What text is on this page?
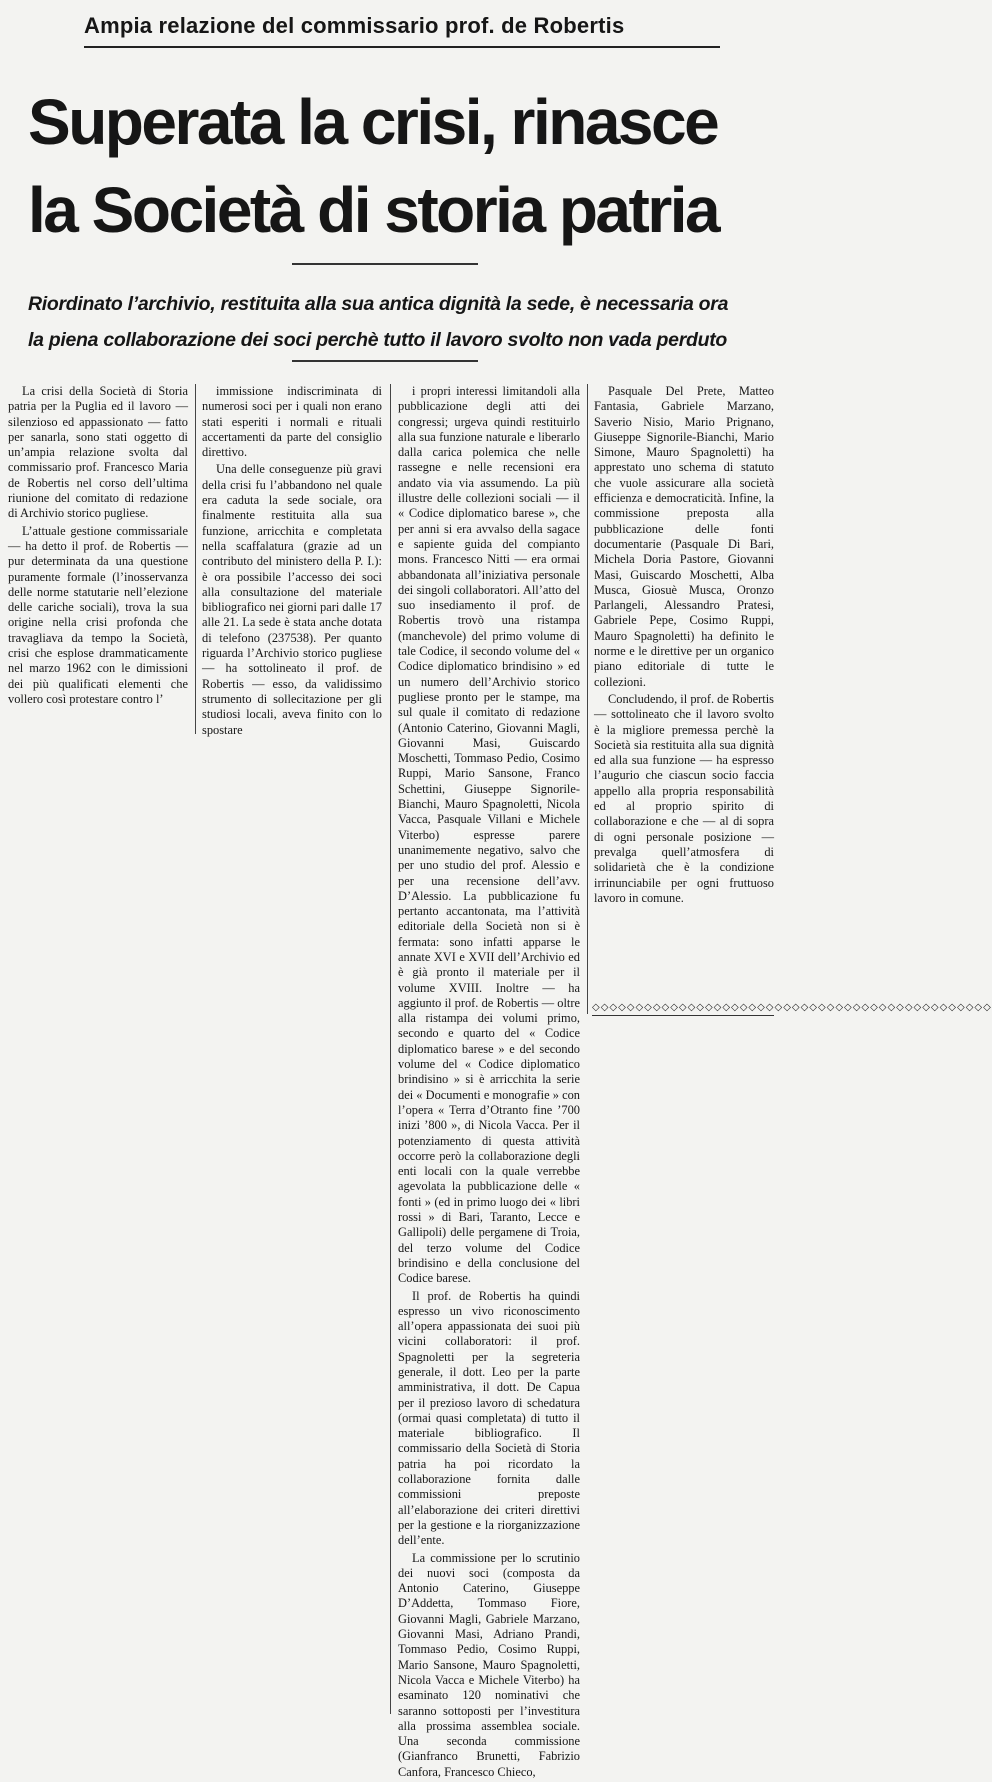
Ampia relazione del commissario prof. de Robertis
Superata la crisi, rinasce
la Società di storia patria
Riordinato l’archivio, restituita alla sua antica dignità la sede, è necessaria ora
la piena collaborazione dei soci perchè tutto il lavoro svolto non vada perduto

La crisi della Società di Storia patria per la Puglia ed il lavoro — silenzioso ed appassionato — fatto per sanarla, sono stati oggetto di un’ampia relazione svolta dal commissario prof. Francesco Maria de Robertis nel corso dell’ultima riunione del comitato di redazione di Archivio storico pugliese.

L’attuale gestione commissariale — ha detto il prof. de Robertis — pur determinata da una questione puramente formale (l’inosservanza delle norme statutarie nell’elezione delle cariche sociali), trova la sua origine nella crisi profonda che travagliava da tempo la Società, crisi che esplose drammaticamente nel marzo 1962 con le dimissioni dei più qualificati elementi che vollero così protestare contro l’

immissione indiscriminata di numerosi soci per i quali non erano stati esperiti i normali e rituali accertamenti da parte del consiglio direttivo.

Una delle conseguenze più gravi della crisi fu l’abbandono nel quale era caduta la sede sociale, ora finalmente restituita alla sua funzione, arricchita e completata nella scaffalatura (grazie ad un contributo del ministero della P. I.): è ora possibile l’accesso dei soci alla consultazione del materiale bibliografico nei giorni pari dalle 17 alle 21. La sede è stata anche dotata di telefono (237538). Per quanto riguarda l’Archivio storico pugliese — ha sottolineato il prof. de Robertis — esso, da validissimo strumento di sollecitazione per gli studiosi locali, aveva finito con lo spostare

i propri interessi limitandoli alla pubblicazione degli atti dei congressi; urgeva quindi restituirlo alla sua funzione naturale e liberarlo dalla carica polemica che nelle rassegne e nelle recensioni era andato via via assumendo. La più illustre delle collezioni sociali — il « Codice diplomatico barese », che per anni si era avvalso della sagace e sapiente guida del compianto mons. Francesco Nitti — era ormai abbandonata all’iniziativa personale dei singoli collaboratori. All’atto del suo insediamento il prof. de Robertis trovò una ristampa (manchevole) del primo volume di tale Codice, il secondo volume del « Codice diplomatico brindisino » ed un numero dell’Archivio storico pugliese pronto per le stampe, ma sul quale il comitato di redazione (Antonio Caterino, Giovanni Magli, Giovanni Masi, Guiscardo Moschetti, Tommaso Pedio, Cosimo Ruppi, Mario Sansone, Franco Schettini, Giuseppe Signorile-Bianchi, Mauro Spagnoletti, Nicola Vacca, Pasquale Villani e Michele Viterbo) espresse parere unanimemente negativo, salvo che per uno studio del prof. Alessio e per una recensione dell’avv. D’Alessio. La pubblicazione fu pertanto accantonata, ma l’attività editoriale della Società non si è fermata: sono infatti apparse le annate XVI e XVII dell’Archivio ed è già pronto il materiale per il volume XVIII. Inoltre — ha aggiunto il prof. de Robertis — oltre alla ristampa dei volumi primo, secondo e quarto del « Codice diplomatico barese » e del secondo volume del « Codice diplomatico brindisino » si è arricchita la serie dei « Documenti e monografie » con l’opera « Terra d’Otranto fine ’700 inizi ’800 », di Nicola Vacca. Per il potenziamento di questa attività occorre però la collaborazione degli enti locali con la quale verrebbe agevolata la pubblicazione delle « fonti » (ed in primo luogo dei « libri rossi » di Bari, Taranto, Lecce e Gallipoli) delle pergamene di Troia, del terzo volume del Codice brindisino e della conclusione del Codice barese.

Il prof. de Robertis ha quindi espresso un vivo riconoscimento all’opera appassionata dei suoi più vicini collaboratori: il prof. Spagnoletti per la segreteria generale, il dott. Leo per la parte amministrativa, il dott. De Capua per il prezioso lavoro di schedatura (ormai quasi completata) di tutto il materiale bibliografico. Il commissario della Società di Storia patria ha poi ricordato la collaborazione fornita dalle commissioni preposte all’elaborazione dei criteri direttivi per la gestione e la riorganizzazione dell’ente.

La commissione per lo scrutinio dei nuovi soci (composta da Antonio Caterino, Giuseppe D’Addetta, Tommaso Fiore, Giovanni Magli, Gabriele Marzano, Giovanni Masi, Adriano Prandi, Tommaso Pedio, Cosimo Ruppi, Mario Sansone, Mauro Spagnoletti, Nicola Vacca e Michele Viterbo) ha esaminato 120 nominativi che saranno sottoposti per l’investitura alla prossima assemblea sociale. Una seconda commissione (Gianfranco Brunetti, Fabrizio Canfora, Francesco Chieco,

Pasquale Del Prete, Matteo Fantasia, Gabriele Marzano, Saverio Nisio, Mario Prignano, Giuseppe Signorile-Bianchi, Mario Simone, Mauro Spagnoletti) ha apprestato uno schema di statuto che vuole assicurare alla società efficienza e democraticità. Infine, la commissione preposta alla pubblicazione delle fonti documentarie (Pasquale Di Bari, Michela Doria Pastore, Giovanni Masi, Guiscardo Moschetti, Alba Musca, Giosuè Musca, Oronzo Parlangeli, Alessandro Pratesi, Gabriele Pepe, Cosimo Ruppi, Mauro Spagnoletti) ha definito le norme e le direttive per un organico piano editoriale di tutte le collezioni.

Concludendo, il prof. de Robertis — sottolineato che il lavoro svolto è la migliore premessa perchè la Società sia restituita alla sua dignità ed alla sua funzione — ha espresso l’augurio che ciascun socio faccia appello alla propria responsabilità ed al proprio spirito di collaborazione e che — al di sopra di ogni personale posizione — prevalga quell’atmosfera di solidarietà che è la condizione irrinunciabile per ogni fruttuoso lavoro in comune.

◇◇◇◇◇◇◇◇◇◇◇◇◇◇◇◇◇◇◇◇◇◇◇◇◇◇◇◇◇◇◇◇◇◇◇◇◇◇◇◇◇◇◇◇◇◇
